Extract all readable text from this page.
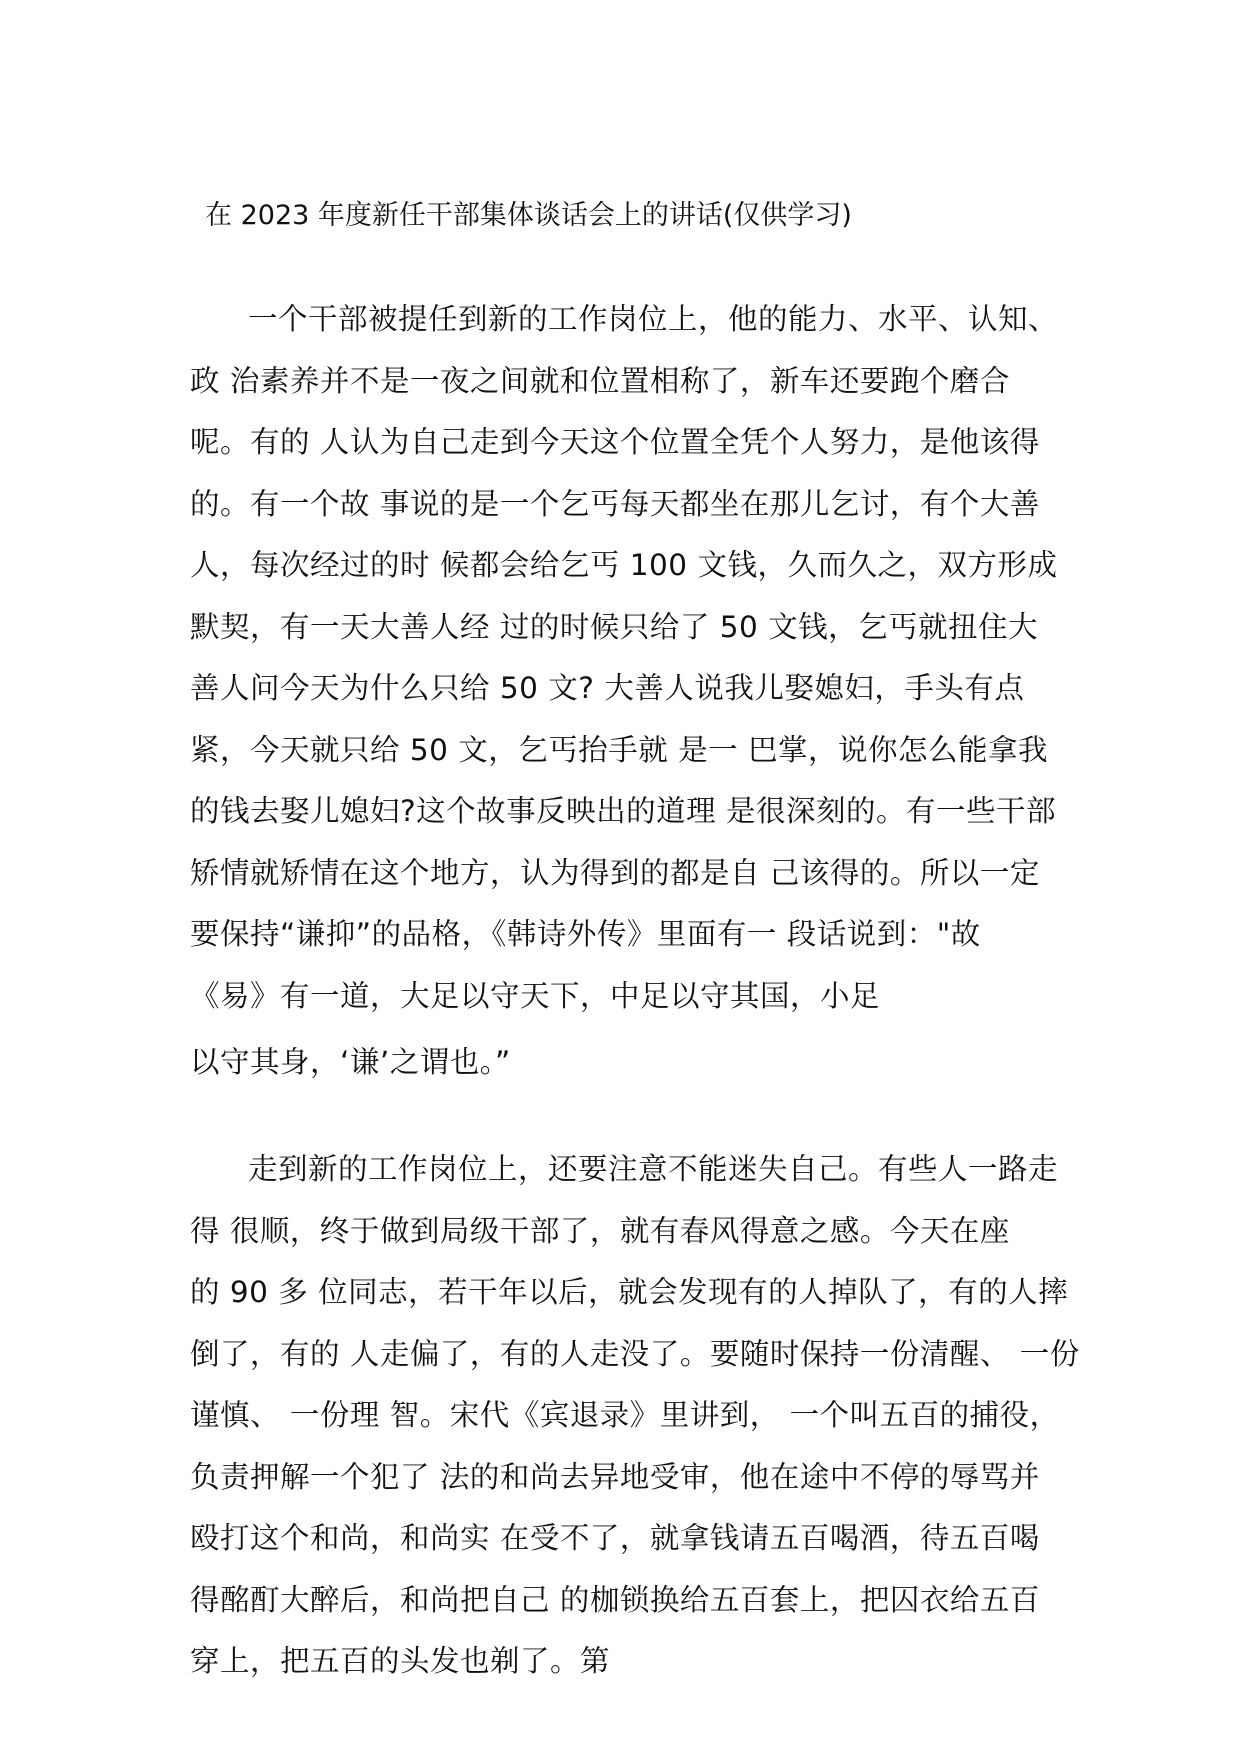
在 2023 年度新任干部集体谈话会上的讲话(仅供学习)
一个干部被提任到新的工作岗位上，他的能力、水平、认知、
政 治素养并不是一夜之间就和位置相称了，新车还要跑个磨合
呢。有的 人认为自己走到今天这个位置全凭个人努力，是他该得
的。有一个故 事说的是一个乞丐每天都坐在那儿乞讨，有个大善
人，每次经过的时 候都会给乞丐 100 文钱，久而久之，双方形成
默契，有一天大善人经 过的时候只给了 50 文钱，乞丐就扭住大
善人问今天为什么只给 50 文? 大善人说我儿娶媳妇，手头有点
紧，今天就只给 50 文，乞丐抬手就 是一 巴掌，说你怎么能拿我
的钱去娶儿媳妇?这个故事反映出的道理 是很深刻的。有一些干部
矫情就矫情在这个地方，认为得到的都是自 己该得的。所以一定
要保持“谦抑”的品格，《韩诗外传》里面有一 段话说到："故
《易》有一道，大足以守天下，中足以守其国，小足
以守其身，‘谦’之谓也。”
走到新的工作岗位上，还要注意不能迷失自己。有些人一路走
得 很顺，终于做到局级干部了，就有春风得意之感。今天在座
的 90 多 位同志，若干年以后，就会发现有的人掉队了，有的人摔
倒了，有的 人走偏了，有的人走没了。要随时保持一份清醒、 一份
谨慎、 一份理 智。宋代《宾退录》里讲到， 一个叫五百的捕役，
负责押解一个犯了 法的和尚去异地受审，他在途中不停的辱骂并
殴打这个和尚，和尚实 在受不了，就拿钱请五百喝酒，待五百喝
得酩酊大醉后，和尚把自己 的枷锁换给五百套上，把囚衣给五百
穿上，把五百的头发也剃了。第
